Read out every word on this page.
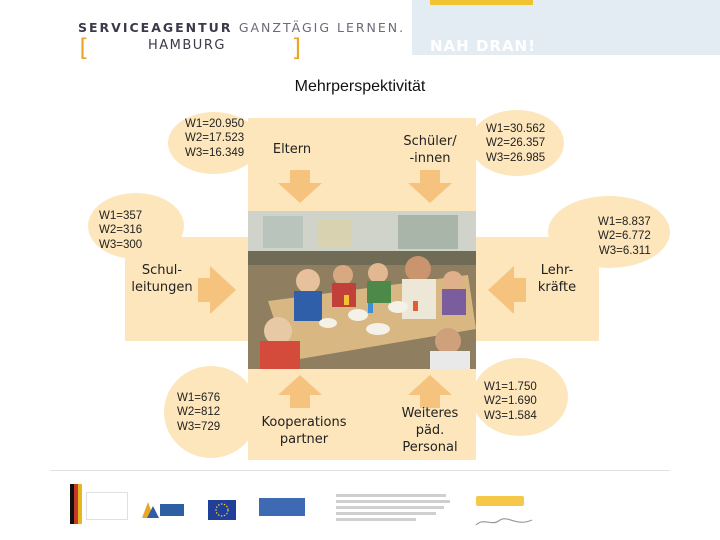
SERVICEAGENTUR GANZTÄGIG LERNEN.
[	HAMBURG	]	NAH DRAN!
Mehrperspektivität
W1=20.950
W2=17.523
W3=16.349
W1=30.562
W2=26.357
W3=26.985
W1=357
W2=316
W3=300
W1=8.837
W2=6.772
W3=6.311
W1=676
W2=812
W3=729
W1=1.750
W2=1.690
W3=1.584
Eltern
Schüler/
-innen
Schul-
leitungen
Lehr-
kräfte
Kooperations
partner
Weiteres
päd.
Personal
